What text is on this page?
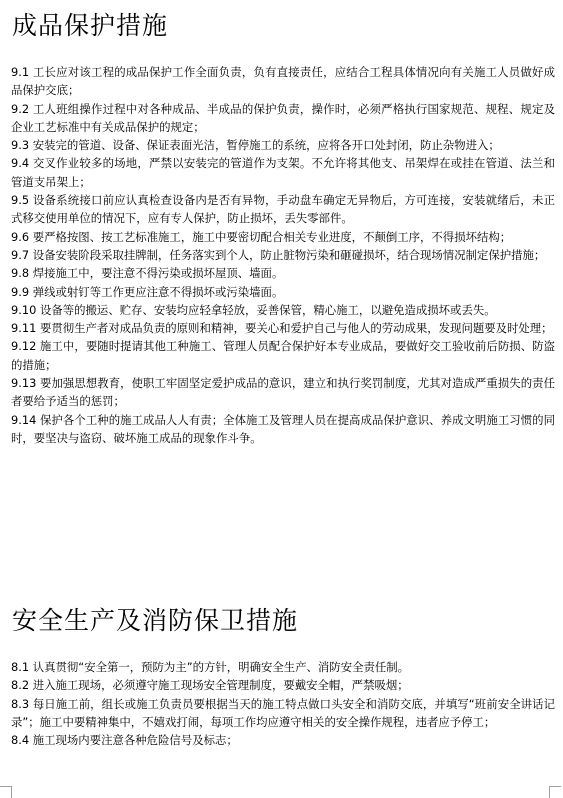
成品保护措施

9.1 工长应对该工程的成品保护工作全面负责，负有直接责任，应结合工程具体情况向有关施工人员做好成品保护交底；

9.2 工人班组操作过程中对各种成品、半成品的保护负责，操作时，必须严格执行国家规范、规程、规定及企业工艺标准中有关成品保护的规定；

9.3 安装完的管道、设备、保证表面光洁，暂停施工的系统，应将各开口处封闭，防止杂物进入；

9.4 交叉作业较多的场地，严禁以安装完的管道作为支架。不允许将其他支、吊架焊在或挂在管道、法兰和管道支吊架上；

9.5 设备系统接口前应认真检查设备内是否有异物，手动盘车确定无异物后，方可连接，安装就绪后，未正式移交使用单位的情况下，应有专人保护，防止损坏，丢失零部件。

9.6 要严格按图、按工艺标准施工，施工中要密切配合相关专业进度，不颠倒工序，不得损坏结构；

9.7 设备安装阶段采取挂牌制，任务落实到个人，防止脏物污染和砸碰损坏，结合现场情况制定保护措施；

9.8 焊接施工中，要注意不得污染或损坏屋顶、墙面。

9.9 弹线或射钉等工作更应注意不得损坏或污染墙面。

9.10 设备等的搬运、贮存、安装均应轻拿轻放，妥善保管，精心施工，以避免造成损坏或丢失。

9.11 要贯彻生产者对成品负责的原则和精神，要关心和爱护自己与他人的劳动成果，发现问题要及时处理；

9.12 施工中，要随时提请其他工种施工、管理人员配合保护好本专业成品，要做好交工验收前后防损、防盗的措施；

9.13 要加强思想教育，使职工牢固坚定爱护成品的意识，建立和执行奖罚制度，尤其对造成严重损失的责任者要给予适当的惩罚；

9.14 保护各个工种的施工成品人人有责；全体施工及管理人员在提高成品保护意识、养成文明施工习惯的同时，要坚决与盗窃、破坏施工成品的现象作斗争。

安全生产及消防保卫措施

8.1 认真贯彻“安全第一，预防为主”的方针，明确安全生产、消防安全责任制。

8.2 进入施工现场，必须遵守施工现场安全管理制度，要戴安全帽，严禁吸烟；

8.3 每日施工前，组长或施工负责员要根据当天的施工特点做口头安全和消防交底，并填写“班前安全讲话记录”；施工中要精神集中，不嬉戏打闹，每项工作均应遵守相关的安全操作规程，违者应予停工；

8.4 施工现场内要注意各种危险信号及标志；
